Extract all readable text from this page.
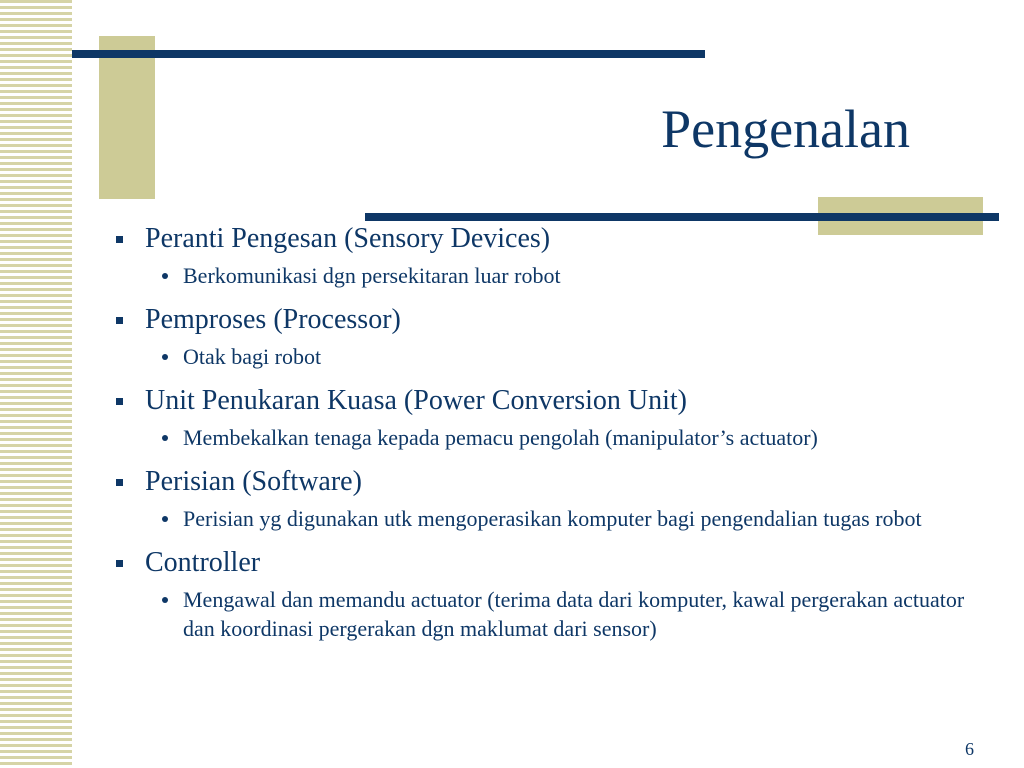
Pengenalan
Peranti Pengesan (Sensory Devices)
Berkomunikasi dgn persekitaran luar robot
Pemproses (Processor)
Otak bagi robot
Unit Penukaran Kuasa (Power Conversion Unit)
Membekalkan tenaga kepada pemacu pengolah (manipulator’s actuator)
Perisian (Software)
Perisian yg digunakan utk mengoperasikan komputer bagi pengendalian tugas robot
Controller
Mengawal dan memandu actuator (terima data dari komputer, kawal pergerakan actuator dan koordinasi pergerakan dgn maklumat dari sensor)
6
